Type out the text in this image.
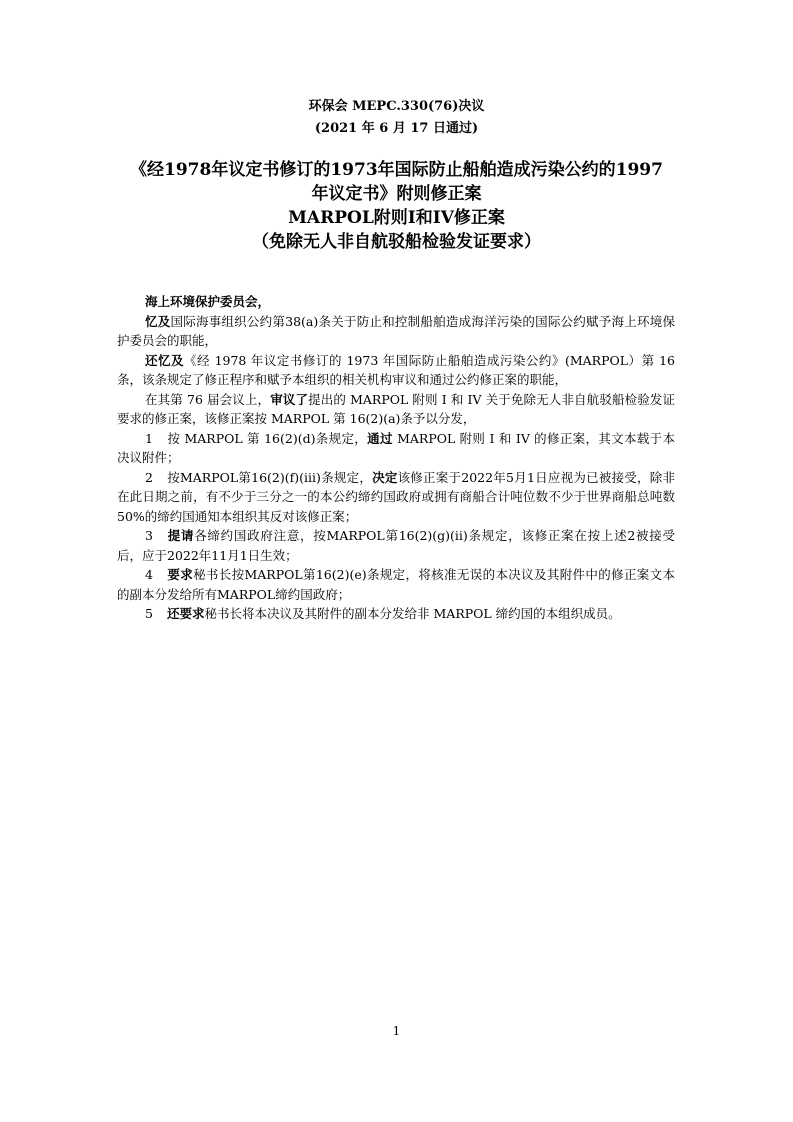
环保会 MEPC.330(76)决议
(2021 年 6 月 17 日通过)
《经1978年议定书修订的1973年国际防止船舶造成污染公约的1997
年议定书》附则修正案
MARPOL附则I和IV修正案
（免除无人非自航驳船检验发证要求）

海上环境保护委员会，

忆及国际海事组织公约第38(a)条关于防止和控制船舶造成海洋污染的国际公约赋予海上环境保护委员会的职能，

还忆及《经 1978 年议定书修订的 1973 年国际防止船舶造成污染公约》(MARPOL）第 16 条，该条规定了修正程序和赋予本组织的相关机构审议和通过公约修正案的职能，

在其第 76 届会议上，审议了提出的 MARPOL 附则 I 和 IV 关于免除无人非自航驳船检验发证要求的修正案，该修正案按 MARPOL 第 16(2)(a)条予以分发，

1 按 MARPOL 第 16(2)(d)条规定，通过 MARPOL 附则 I 和 IV 的修正案，其文本载于本决议附件；

2 按MARPOL第16(2)(f)(iii)条规定，决定该修正案于2022年5月1日应视为已被接受，除非在此日期之前，有不少于三分之一的本公约缔约国政府或拥有商船合计吨位数不少于世界商船总吨数50%的缔约国通知本组织其反对该修正案；

3 提请各缔约国政府注意，按MARPOL第16(2)(g)(ii)条规定，该修正案在按上述2被接受后，应于2022年11月1日生效；

4 要求秘书长按MARPOL第16(2)(e)条规定，将核准无误的本决议及其附件中的修正案文本的副本分发给所有MARPOL缔约国政府；

5 还要求秘书长将本决议及其附件的副本分发给非 MARPOL 缔约国的本组织成员。

1
